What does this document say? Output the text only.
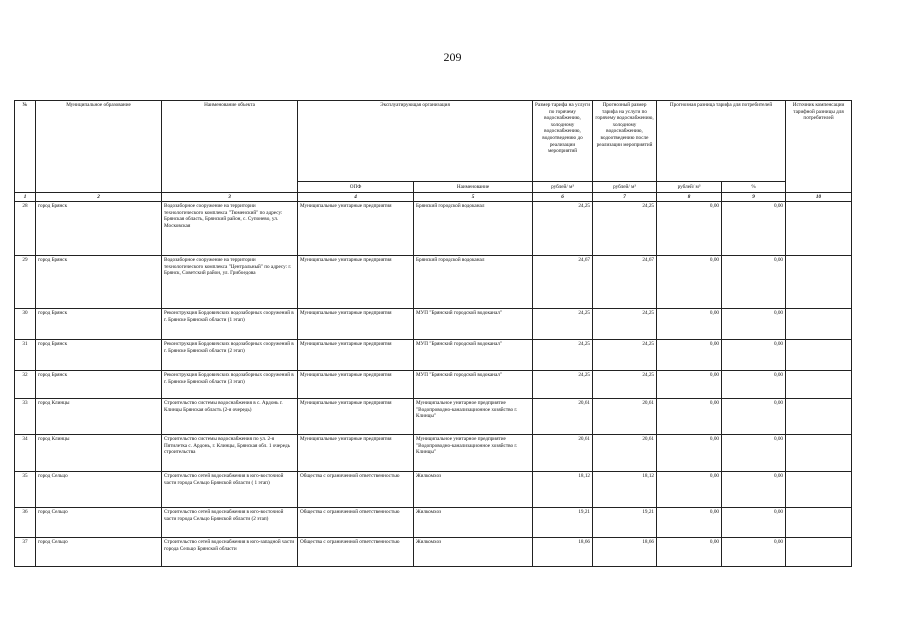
209
№	Муниципальное образование	Наименование объекта	Эксплуатирующая организация		Размер тарифа на услуги по горячему водоснабжению, холодному водоснабжению, водоотведению до реализации мероприятий	Прогнозный размер тарифа на услуги по горячему водоснабжению, холодному водоснабжению, водоотведению после реализации мероприятий	Прогнозная разница тарифа для потребителей		Источник компенсации тарифной разницы для потребителей
			ОПФ	Наименование	рублей/ м³	рублей/ м³	рублей/ м³	%	
1	2	3	4	5	6	7	8	9	10
28	город Брянск	Водозаборное сооружение на территории технологического комплекса "Тюменский" по адресу: Брянская область, Брянский район, с. Супонево, ул. Московская	Муниципальные унитарные предприятия	Брянский городской водоканал	24,25	24,25	0,00	0,00	
29	город Брянск	Водозаборное сооружение на территории технологического комплекса "Центральный" по адресу: г. Брянск, Советский район, ул. Грибоедова	Муниципальные унитарные предприятия	Брянский городской водоканал	24,67	24,67	0,00	0,00	
30	город Брянск	Реконструкция Бордовичских водозаборных сооружений в г. Брянске Брянской области (1 этап)	Муниципальные унитарные предприятия	МУП "Брянский городской водоканал"	24,25	24,25	0,00	0,00	
31	город Брянск	Реконструкция Бордовичских водозаборных сооружений в г. Брянске Брянской области (2 этап)	Муниципальные унитарные предприятия	МУП "Брянский городской водоканал"	24,25	24,25	0,00	0,00	
32	город Брянск	Реконструкция Бордовичских водозаборных сооружений в г. Брянске Брянской области (3 этап)	Муниципальные унитарные предприятия	МУП "Брянский городской водоканал"	24,25	24,25	0,00	0,00	
33	город Клинцы	Строительство системы водоснабжения в с. Ардонь г. Клинцы Брянская область (2-я очередь)	Муниципальные унитарные предприятия	Муниципальное унитарное предприятие "Водопроводно-канализационное хозяйство г. Клинцы"	20,61	20,61	0,00	0,00	
34	город Клинцы	Строительство системы водоснабжения по ул. 2-я Пятилетка с. Ардонь, г. Клинцы, Брянская обл. 1 очередь строительства	Муниципальные унитарные предприятия	Муниципальное унитарное предприятие "Водопроводно-канализационное хозяйство г. Клинцы"	20,61	20,61	0,00	0,00	
35	город Сельцо	Строительство сетей водоснабжения в юго-восточной части города Сельцо Брянской области ( 1 этап)	Общества с ограниченной ответственностью	Жилкомхоз	18,12	18,12	0,00	0,00	
36	город Сельцо	Строительство сетей водоснабжения в юго-восточной части города Сельцо Брянской области (2 этап)	Общества с ограниченной ответственностью	Жилкомхоз	19,21	19,21	0,00	0,00	
37	город Сельцо	Строительство сетей водоснабжения в юго-западной части города Сельцо Брянской области	Общества с ограниченной ответственностью	Жилкомхоз	18,66	18,66	0,00	0,00	
